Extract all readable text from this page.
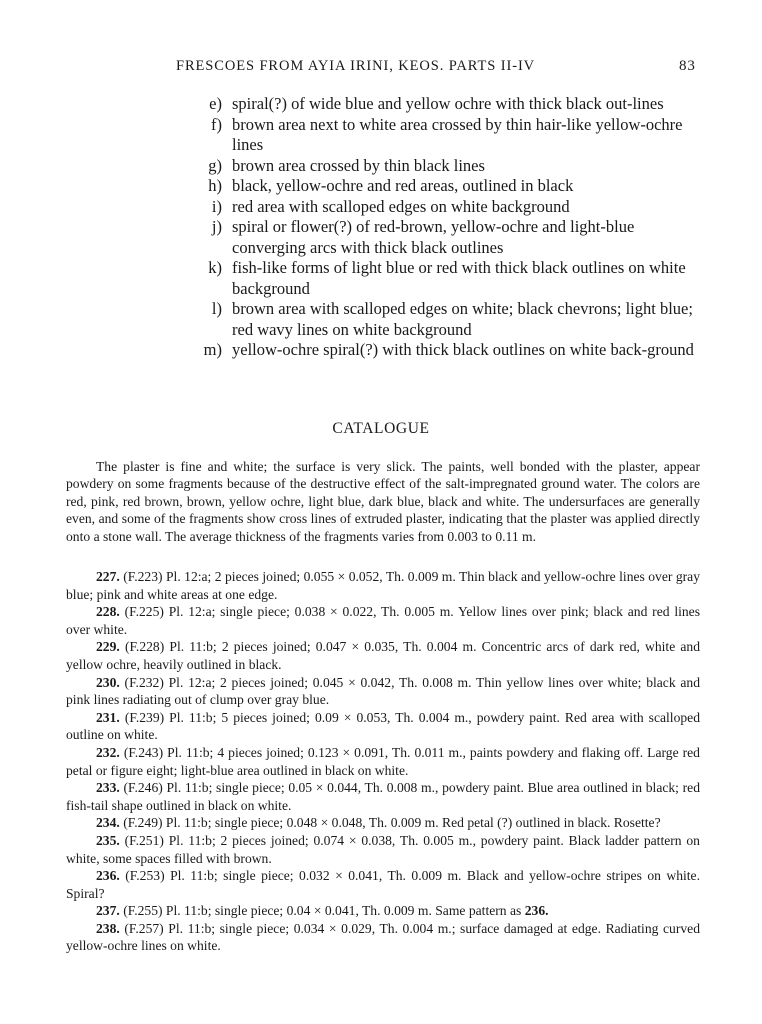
FRESCOES FROM AYIA IRINI, KEOS. PARTS II-IV	83
e) spiral(?) of wide blue and yellow ochre with thick black out-lines
f) brown area next to white area crossed by thin hair-like yellow-ochre lines
g) brown area crossed by thin black lines
h) black, yellow-ochre and red areas, outlined in black
i) red area with scalloped edges on white background
j) spiral or flower(?) of red-brown, yellow-ochre and light-blue converging arcs with thick black outlines
k) fish-like forms of light blue or red with thick black outlines on white background
l) brown area with scalloped edges on white; black chevrons; light blue; red wavy lines on white background
m) yellow-ochre spiral(?) with thick black outlines on white back-ground
CATALOGUE

The plaster is fine and white; the surface is very slick. The paints, well bonded with the plaster, appear powdery on some fragments because of the destructive effect of the salt-impregnated ground water. The colors are red, pink, red brown, brown, yellow ochre, light blue, dark blue, black and white. The undersurfaces are generally even, and some of the fragments show cross lines of extruded plaster, indicating that the plaster was applied directly onto a stone wall. The average thickness of the fragments varies from 0.003 to 0.11 m.

227. (F.223) Pl. 12:a; 2 pieces joined; 0.055 × 0.052, Th. 0.009 m. Thin black and yellow-ochre lines over gray blue; pink and white areas at one edge.

228. (F.225) Pl. 12:a; single piece; 0.038 × 0.022, Th. 0.005 m. Yellow lines over pink; black and red lines over white.

229. (F.228) Pl. 11:b; 2 pieces joined; 0.047 × 0.035, Th. 0.004 m. Concentric arcs of dark red, white and yellow ochre, heavily outlined in black.

230. (F.232) Pl. 12:a; 2 pieces joined; 0.045 × 0.042, Th. 0.008 m. Thin yellow lines over white; black and pink lines radiating out of clump over gray blue.

231. (F.239) Pl. 11:b; 5 pieces joined; 0.09 × 0.053, Th. 0.004 m., powdery paint. Red area with scalloped outline on white.

232. (F.243) Pl. 11:b; 4 pieces joined; 0.123 × 0.091, Th. 0.011 m., paints powdery and flaking off. Large red petal or figure eight; light-blue area outlined in black on white.

233. (F.246) Pl. 11:b; single piece; 0.05 × 0.044, Th. 0.008 m., powdery paint. Blue area outlined in black; red fish-tail shape outlined in black on white.

234. (F.249) Pl. 11:b; single piece; 0.048 × 0.048, Th. 0.009 m. Red petal (?) outlined in black. Rosette?

235. (F.251) Pl. 11:b; 2 pieces joined; 0.074 × 0.038, Th. 0.005 m., powdery paint. Black ladder pattern on white, some spaces filled with brown.

236. (F.253) Pl. 11:b; single piece; 0.032 × 0.041, Th. 0.009 m. Black and yellow-ochre stripes on white. Spiral?

237. (F.255) Pl. 11:b; single piece; 0.04 × 0.041, Th. 0.009 m. Same pattern as 236.

238. (F.257) Pl. 11:b; single piece; 0.034 × 0.029, Th. 0.004 m.; surface damaged at edge. Radiating curved yellow-ochre lines on white.
